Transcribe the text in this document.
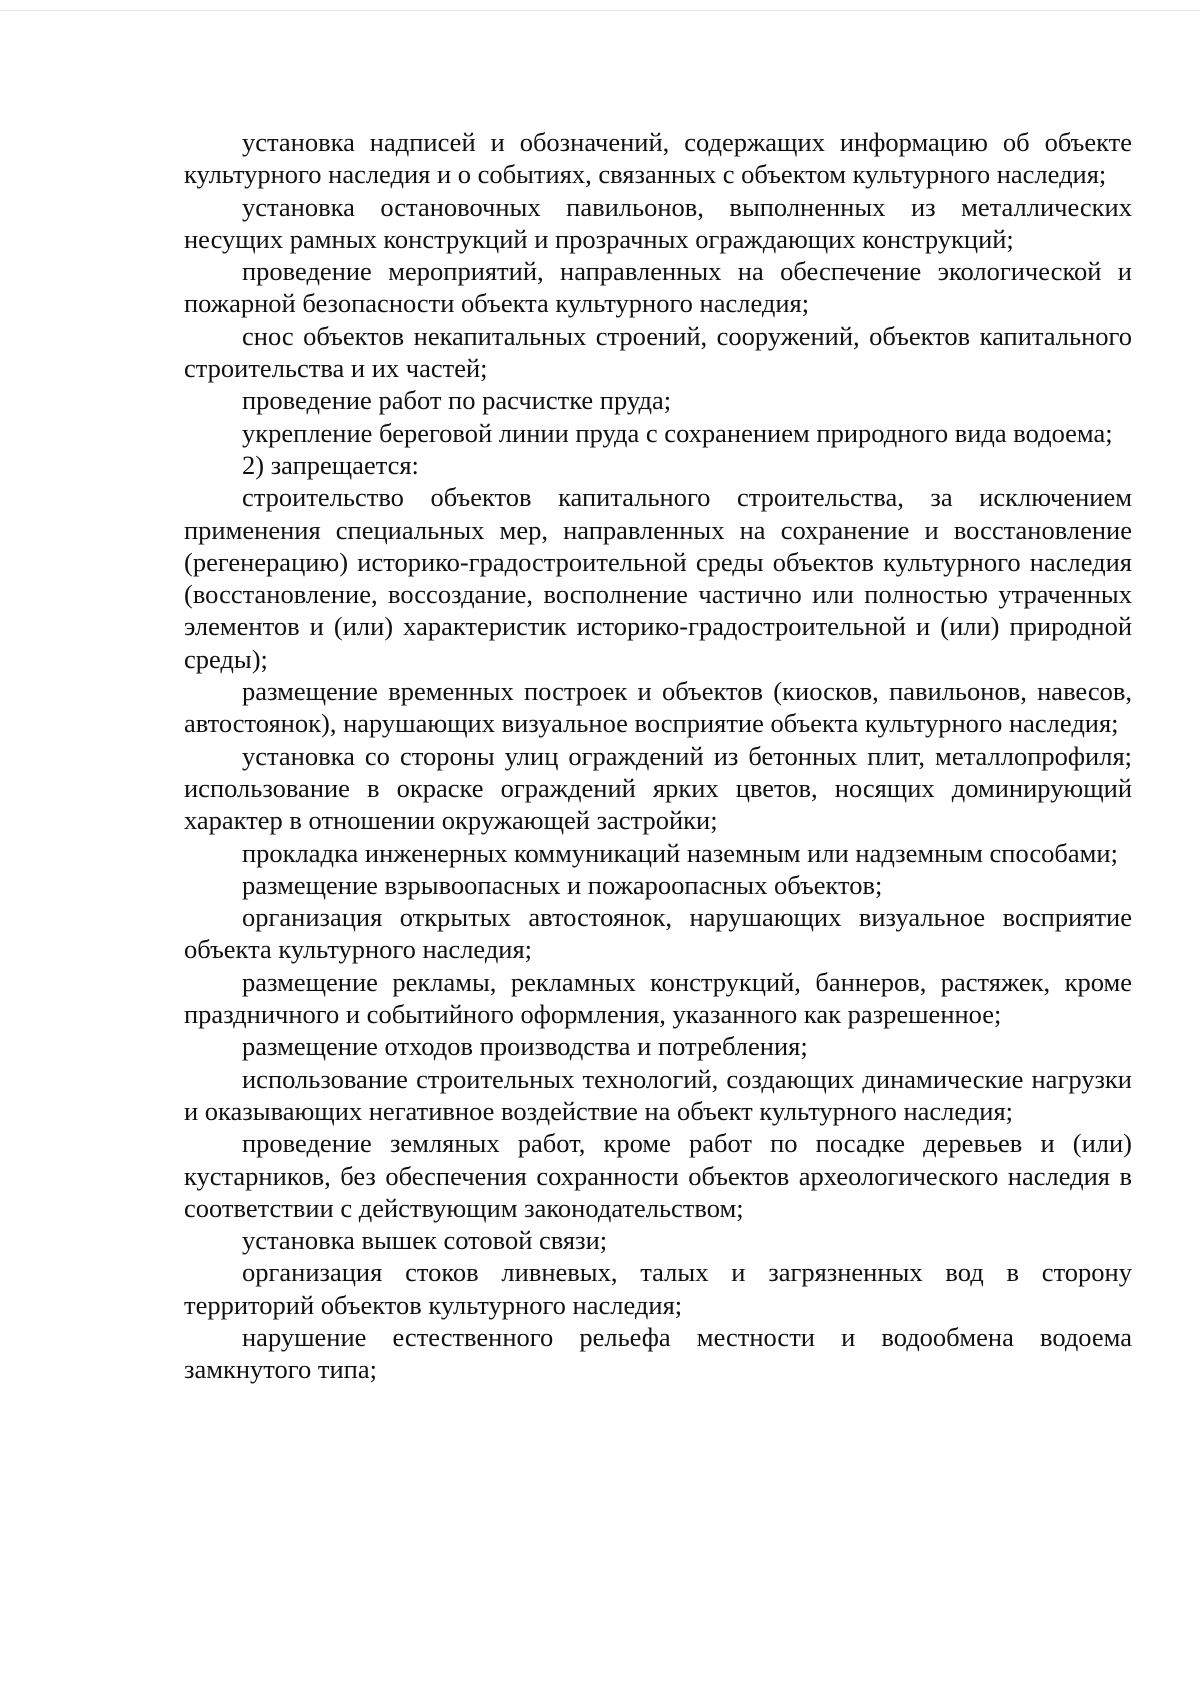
установка надписей и обозначений, содержащих информацию об объекте культурного наследия и о событиях, связанных с объектом культурного наследия;

установка остановочных павильонов, выполненных из металлических несущих рамных конструкций и прозрачных ограждающих конструкций;

проведение мероприятий, направленных на обеспечение экологической и пожарной безопасности объекта культурного наследия;

снос объектов некапитальных строений, сооружений, объектов капитального строительства и их частей;

проведение работ по расчистке пруда;

укрепление береговой линии пруда с сохранением природного вида водоема;

2) запрещается:

строительство объектов капитального строительства, за исключением применения специальных мер, направленных на сохранение и восстановление (регенерацию) историко-градостроительной среды объектов культурного наследия (восстановление, воссоздание, восполнение частично или полностью утраченных элементов и (или) характеристик историко-градостроительной и (или) природной среды);

размещение временных построек и объектов (киосков, павильонов, навесов, автостоянок), нарушающих визуальное восприятие объекта культурного наследия;

установка со стороны улиц ограждений из бетонных плит, металлопрофиля; использование в окраске ограждений ярких цветов, носящих доминирующий характер в отношении окружающей застройки;

прокладка инженерных коммуникаций наземным или надземным способами;

размещение взрывоопасных и пожароопасных объектов;

организация открытых автостоянок, нарушающих визуальное восприятие объекта культурного наследия;

размещение рекламы, рекламных конструкций, баннеров, растяжек, кроме праздничного и событийного оформления, указанного как разрешенное;

размещение отходов производства и потребления;

использование строительных технологий, создающих динамические нагрузки и оказывающих негативное воздействие на объект культурного наследия;

проведение земляных работ, кроме работ по посадке деревьев и (или) кустарников, без обеспечения сохранности объектов археологического наследия в соответствии с действующим законодательством;

установка вышек сотовой связи;

организация стоков ливневых, талых и загрязненных вод в сторону территорий объектов культурного наследия;

нарушение естественного рельефа местности и водообмена водоема замкнутого типа;
